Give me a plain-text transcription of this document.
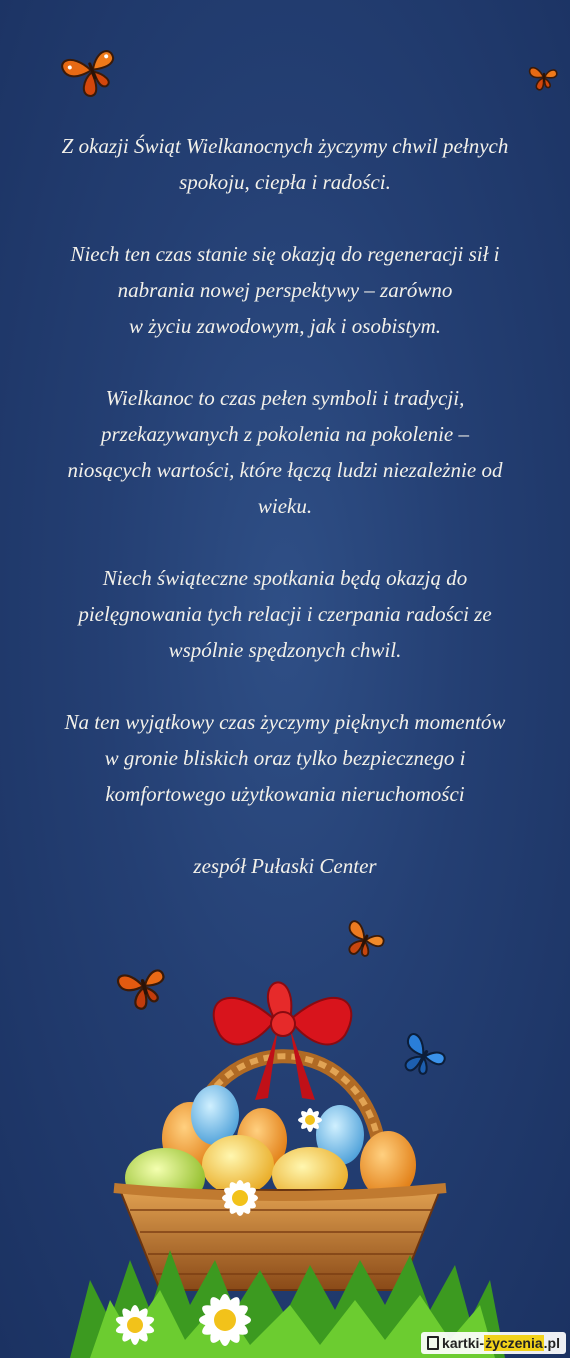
Z okazji Świąt Wielkanocnych życzymy chwil pełnych
spokoju, ciepła i radości.

Niech ten czas stanie się okazją do regeneracji sił i
nabrania nowej perspektywy – zarówno
w życiu zawodowym, jak i osobistym.

Wielkanoc to czas pełen symboli i tradycji,
przekazywanych z pokolenia na pokolenie –
niosących wartości, które łączą ludzi niezależnie od
wieku.

Niech świąteczne spotkania będą okazją do
pielęgnowania tych relacji i czerpania radości ze
wspólnie spędzonych chwil.

Na ten wyjątkowy czas życzymy pięknych momentów
w gronie bliskich oraz tylko bezpiecznego i
komfortowego użytkowania nieruchomości

zespół Pułaski Center

kartki- życzenia .pl
